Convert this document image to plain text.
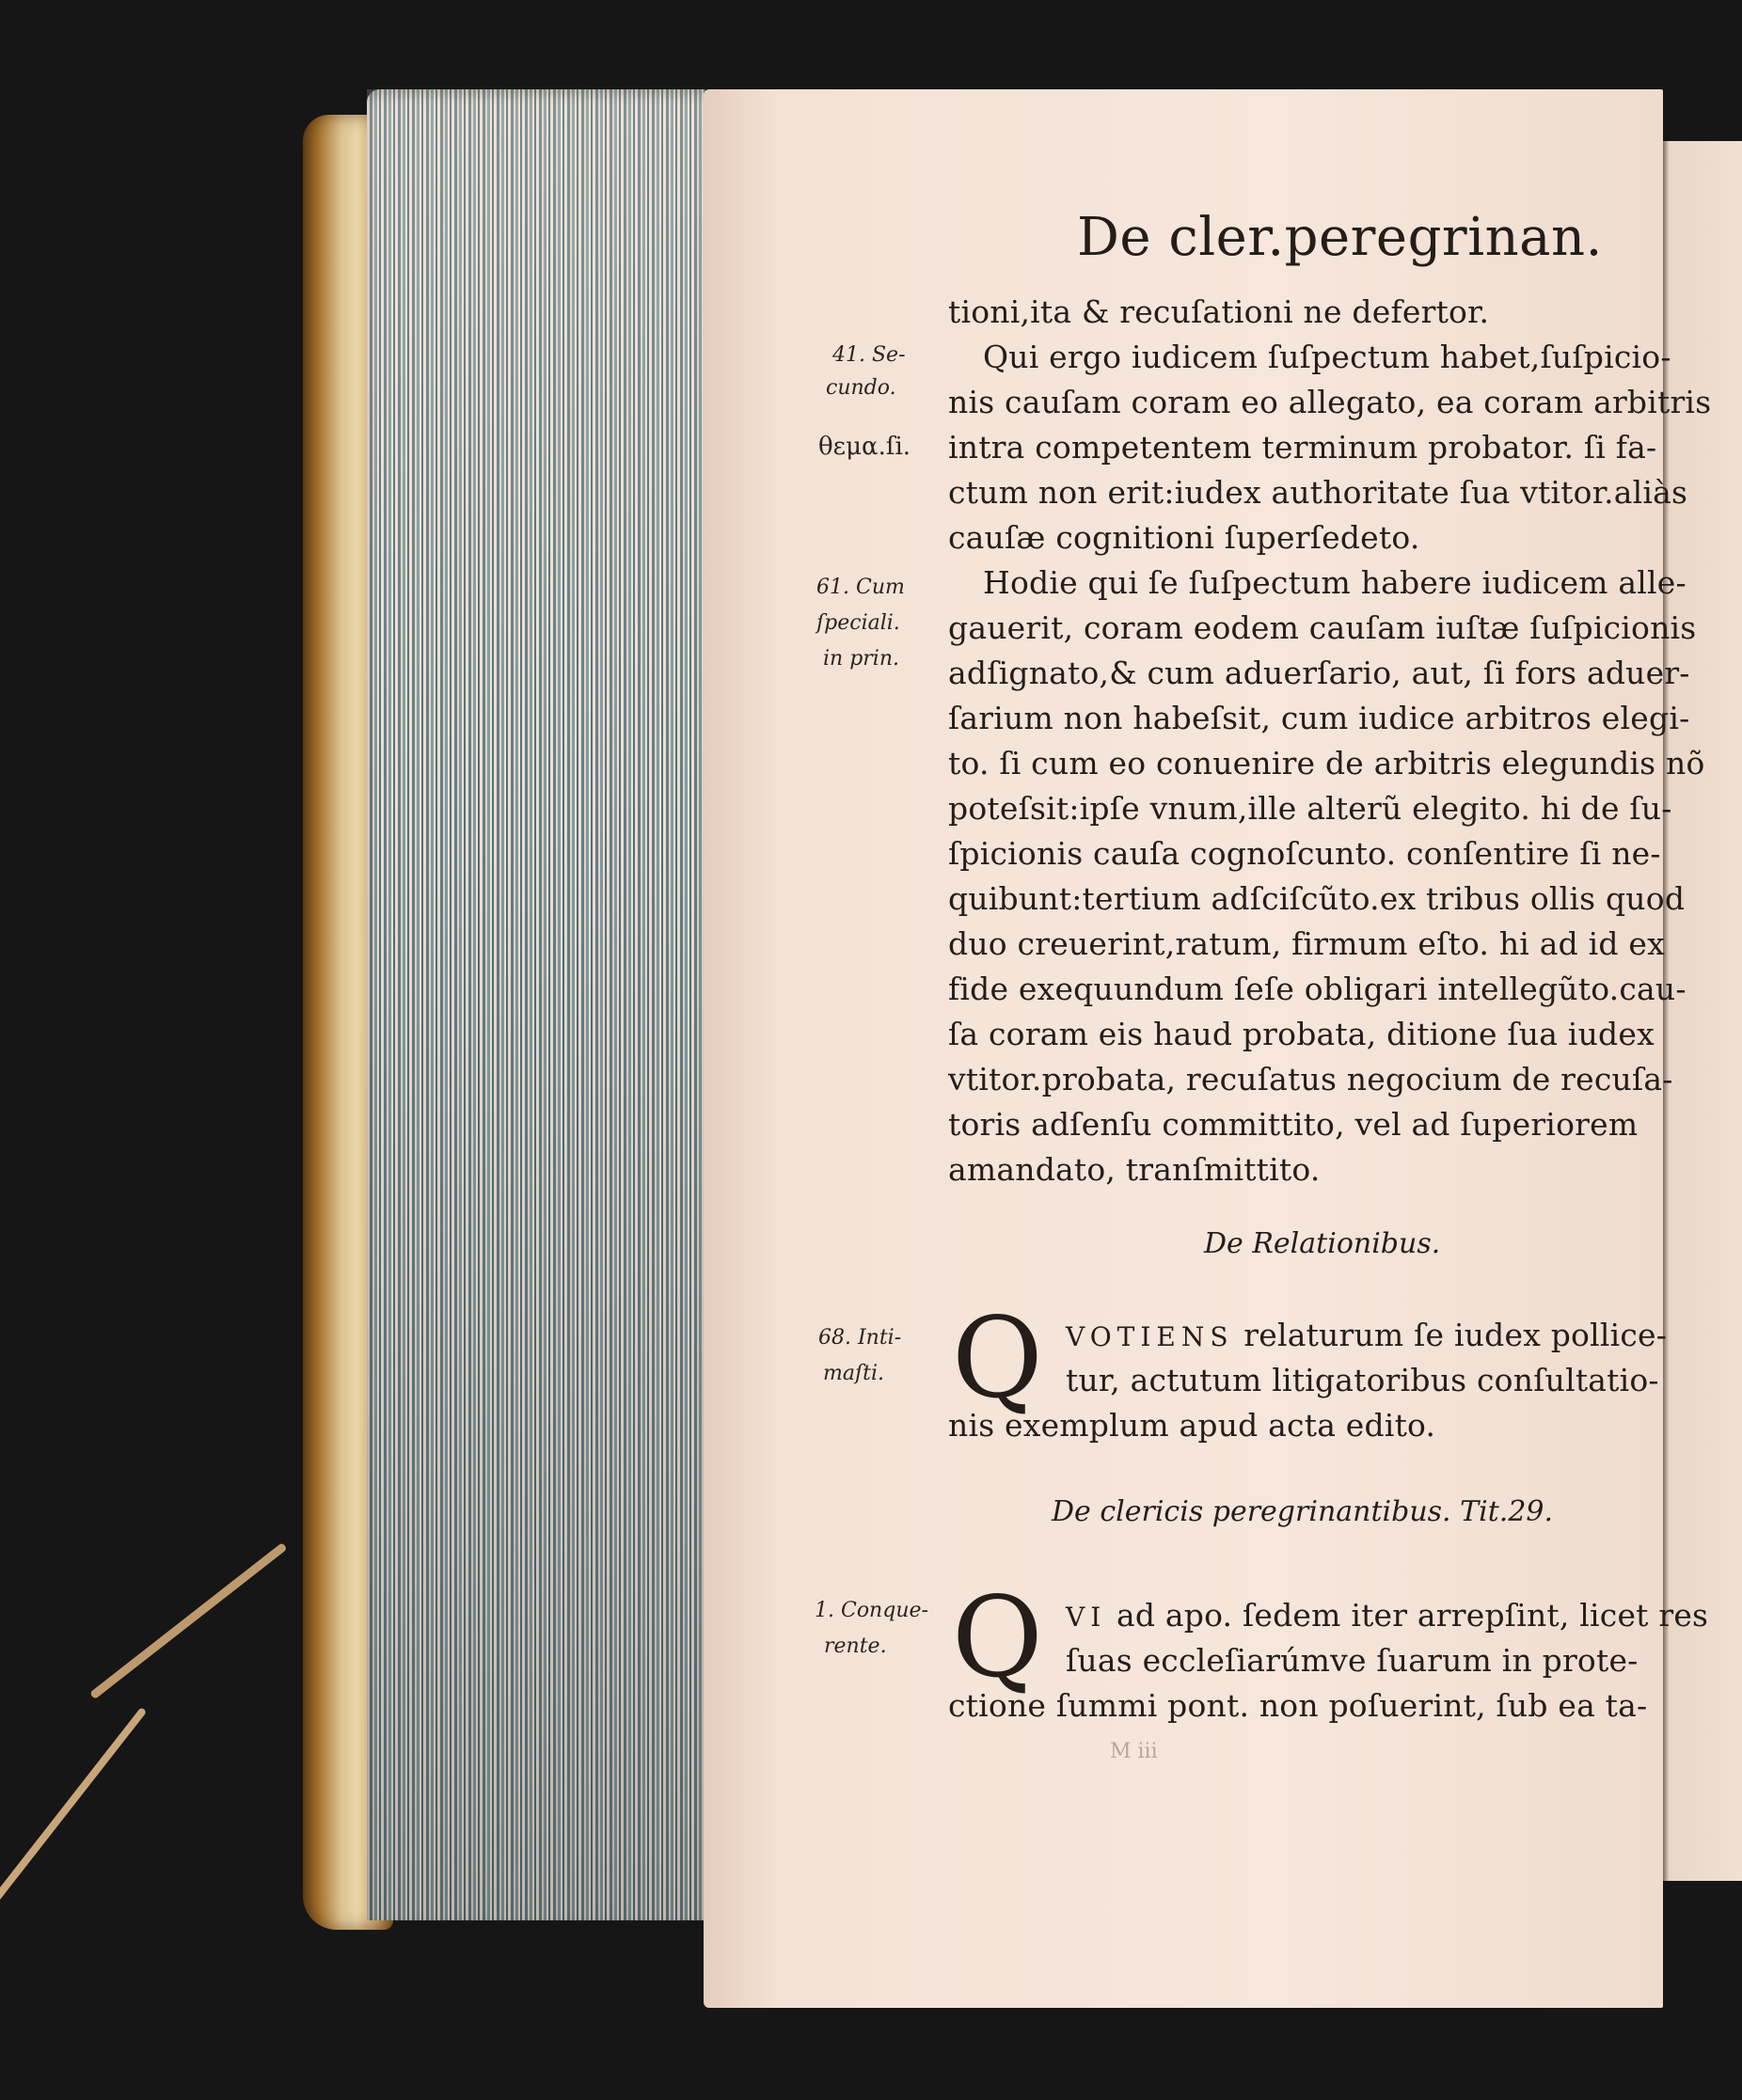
De cler.peregrinan.
tioni,ita & recuſationi ne defertor.
Qui ergo iudicem ſuſpectum habet,ſuſpicio-
nis cauſam coram eo allegato, ea coram arbitris
intra competentem terminum probator. ſi fa-
ctum non erit:iudex authoritate ſua vtitor.aliàs
cauſæ cognitioni ſuperſedeto.
Hodie qui ſe ſuſpectum habere iudicem alle-
gauerit, coram eodem cauſam iuſtæ ſuſpicionis
adſignato,& cum aduerſario, aut, ſi fors aduer-
ſarium non habeſsit, cum iudice arbitros elegi-
to. ſi cum eo conuenire de arbitris elegundis nõ
poteſsit:ipſe vnum,ille alterũ elegito. hi de ſu-
ſpicionis cauſa cognoſcunto. conſentire ſi ne-
quibunt:tertium adſciſcũto.ex tribus ollis quod
duo creuerint,ratum, firmum eſto. hi ad id ex
fide exequundum ſeſe obligari intellegũto.cau-
ſa coram eis haud probata, ditione ſua iudex
vtitor.probata, recuſatus negocium de recuſa-
toris adſenſu committito, vel ad ſuperiorem
amandato, tranſmittito.
De Relationibus.
Q VOTIENS relaturum ſe iudex pollice-
tur, actutum litigatoribus conſultatio-
nis exemplum apud acta edito.
De clericis peregrinantibus. Tit.29.
Q VI ad apo. ſedem iter arrepſint, licet res
ſuas eccleſiarúmve ſuarum in prote-
ctione ſummi pont. non poſuerint, ſub ea ta-
41. Se-
cundo.
θεμα.ſi.
61. Cum
ſpeciali.
in prin.
68. Inti-
maſti.
1. Conque-
rente.
M iii
